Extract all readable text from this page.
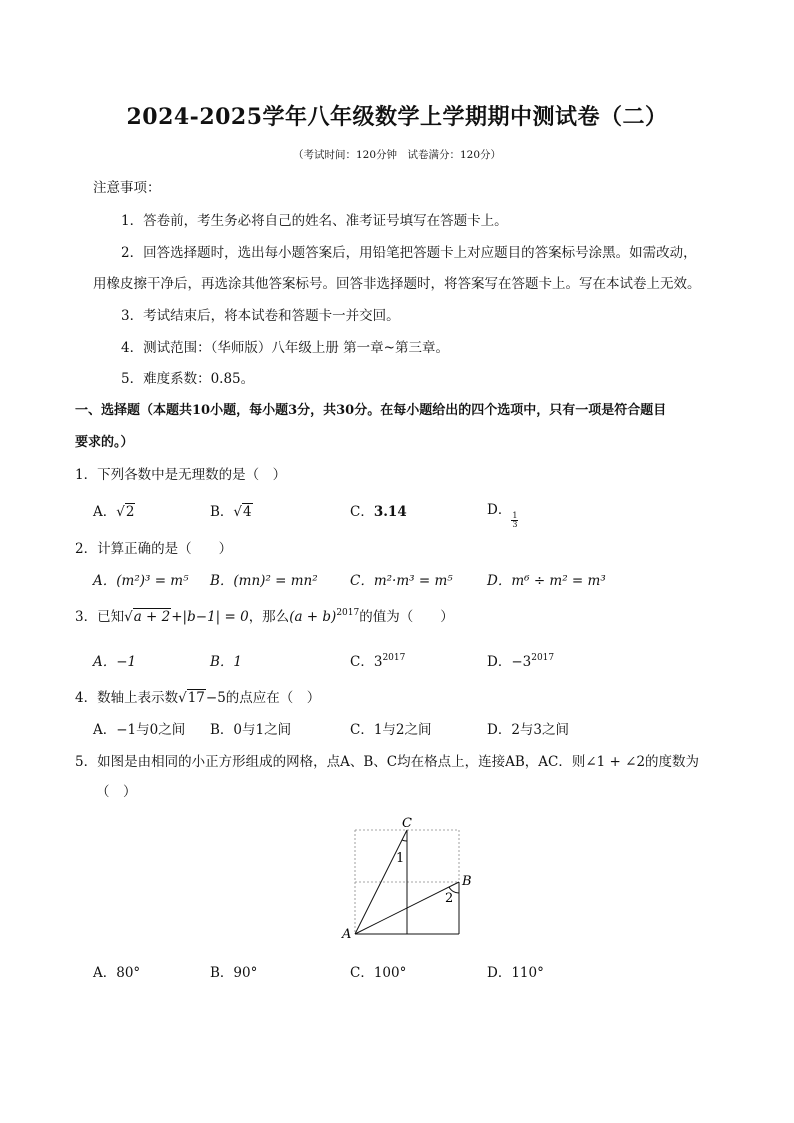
2024-2025学年八年级数学上学期期中测试卷（二）
（考试时间：120分钟　试卷满分：120分）
注意事项：
1．答卷前，考生务必将自己的姓名、准考证号填写在答题卡上。
2．回答选择题时，选出每小题答案后，用铅笔把答题卡上对应题目的答案标号涂黑。如需改动，
用橡皮擦干净后，再选涂其他答案标号。回答非选择题时，将答案写在答题卡上。写在本试卷上无效。
3．考试结束后，将本试卷和答题卡一并交回。
4．测试范围：（华师版）八年级上册 第一章~第三章。
5．难度系数：0.85。
一、选择题（本题共10小题，每小题3分，共30分。在每小题给出的四个选项中，只有一项是符合题目
要求的。）
1．下列各数中是无理数的是（　）
A．√2	B．√4	C．3.14	D．
$\frac{1}{3}$
2．计算正确的是（　　）
A．(m²)³ = m⁵ B．(mn)² = mn² C．m²·m³ = m⁵	D．m⁶ ÷ m² = m³
3．已知√a + 2+|b−1| = 0，那么$(a + b)^{2017}$的值为（　　）
A．−1	B．1	C．$3^{2017}$	D．$-3^{2017}$
4．数轴上表示数√17−5的点应在（　）
A．−1与0之间 B．0与1之间	C．1与2之间	D．2与3之间
5．如图是由相同的小正方形组成的网格，点A、B、C均在格点上，连接AB，AC．则∠1 + ∠2的度数为
（　）
C
B
A
1
2
A．80°	B．90°	C．100°	D．110°
